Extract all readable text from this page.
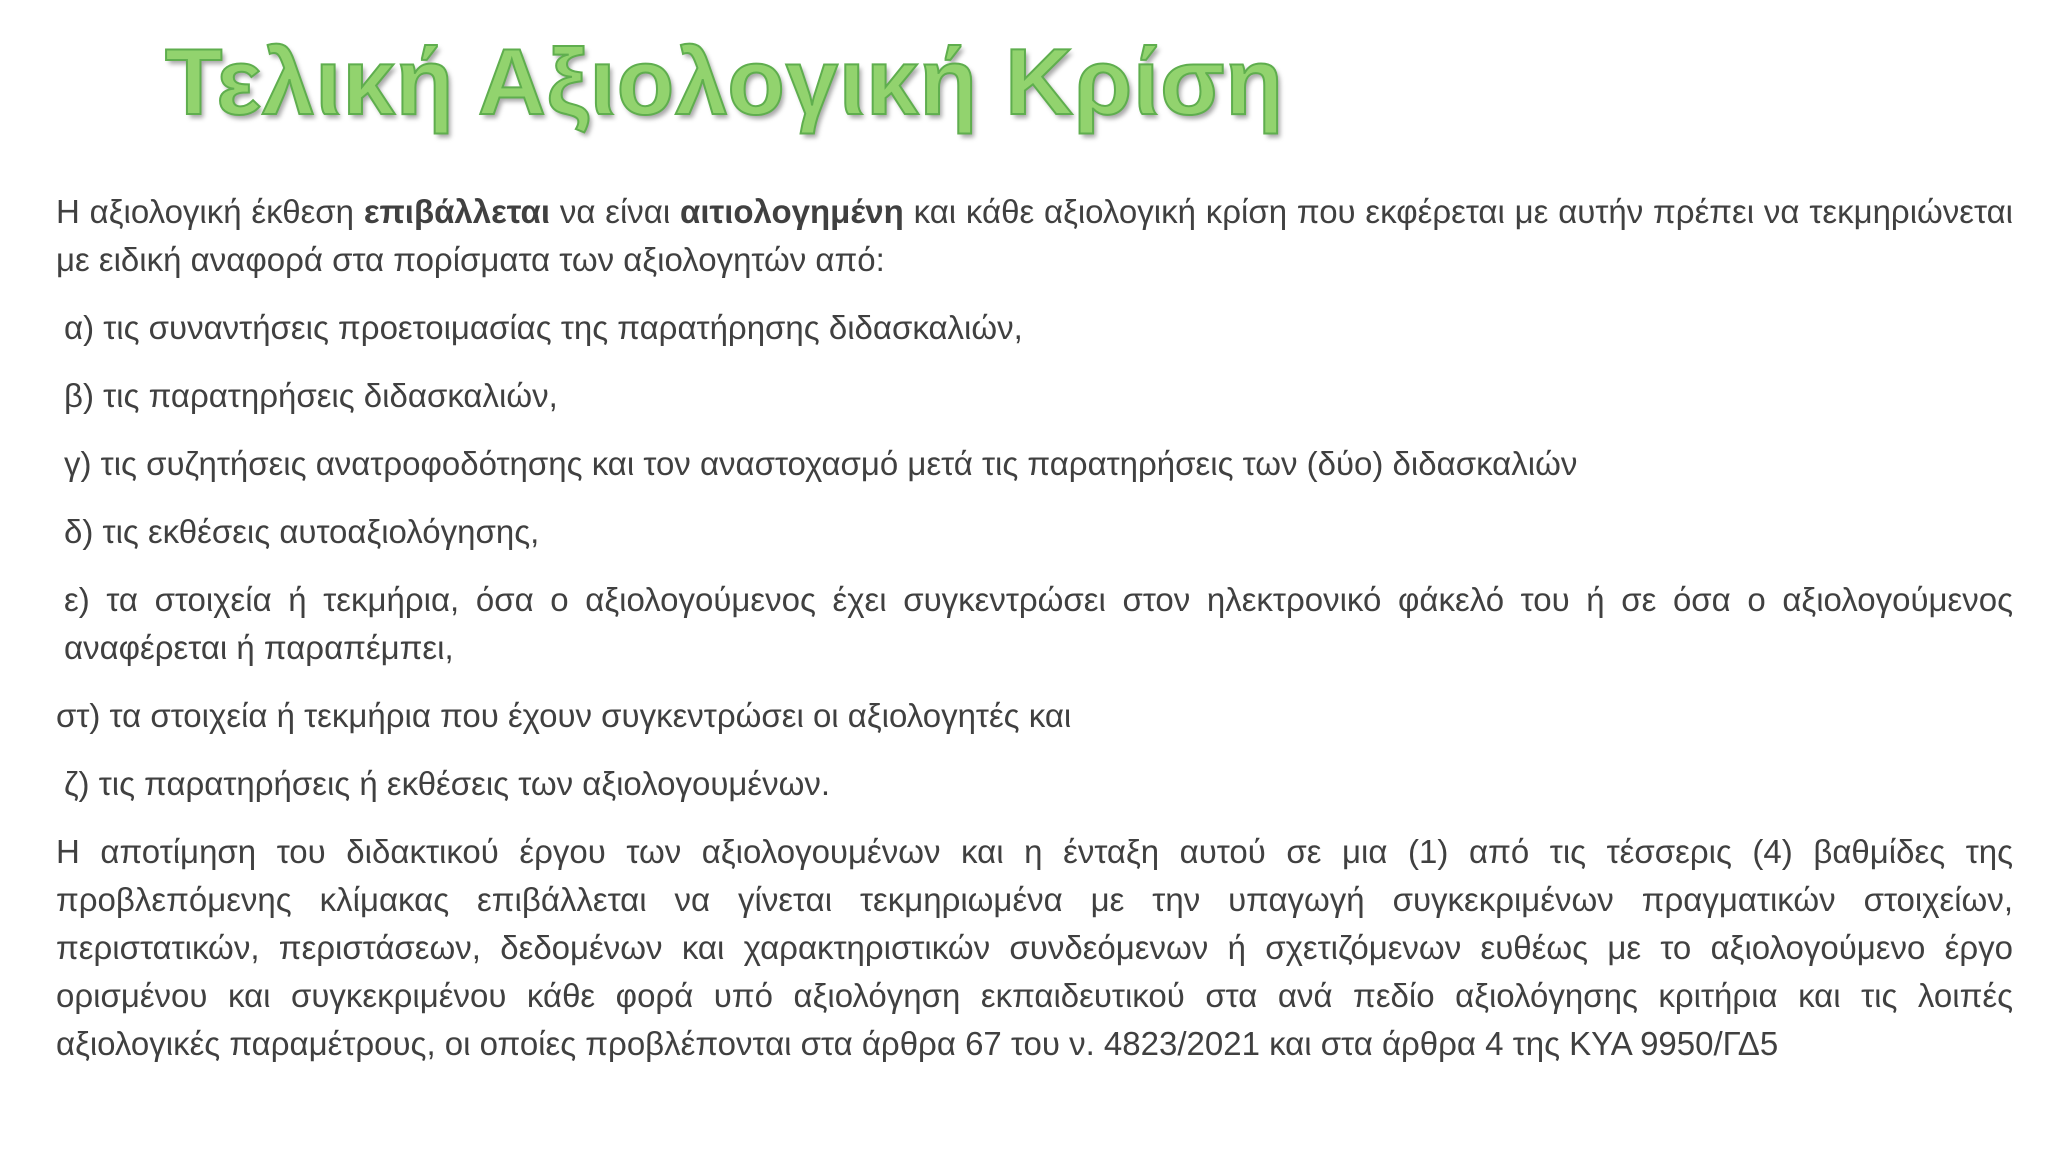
Τελική Αξιολογική Κρίση

Η αξιολογική έκθεση επιβάλλεται να είναι αιτιολογημένη και κάθε αξιολογική κρίση που εκφέρεται με αυτήν πρέπει να τεκμηριώνεται με ειδική αναφορά στα πορίσματα των αξιολογητών από:

α) τις συναντήσεις προετοιμασίας της παρατήρησης διδασκαλιών,

β) τις παρατηρήσεις διδασκαλιών,

γ) τις συζητήσεις ανατροφοδότησης και τον αναστοχασμό μετά τις παρατηρήσεις των (δύο) διδασκαλιών

δ) τις εκθέσεις αυτοαξιολόγησης,

ε) τα στοιχεία ή τεκμήρια, όσα ο αξιολογούμενος έχει συγκεντρώσει στον ηλεκτρονικό φάκελό του ή σε όσα ο αξιολογούμενος αναφέρεται ή παραπέμπει,

στ) τα στοιχεία ή τεκμήρια που έχουν συγκεντρώσει οι αξιολογητές και

ζ) τις παρατηρήσεις ή εκθέσεις των αξιολογουμένων.

Η αποτίμηση του διδακτικού έργου των αξιολογουμένων και η ένταξη αυτού σε μια (1) από τις τέσσερις (4) βαθμίδες της προβλεπόμενης κλίμακας επιβάλλεται να γίνεται τεκμηριωμένα με την υπαγωγή συγκεκριμένων πραγματικών στοιχείων, περιστατικών, περιστάσεων, δεδομένων και χαρακτηριστικών συνδεόμενων ή σχετιζόμενων ευθέως με το αξιολογούμενο έργο ορισμένου και συγκεκριμένου κάθε φορά υπό αξιολόγηση εκπαιδευτικού στα ανά πεδίο αξιολόγησης κριτήρια και τις λοιπές αξιολογικές παραμέτρους, οι οποίες προβλέπονται στα άρθρα 67 του ν. 4823/2021 και στα άρθρα 4 της ΚΥΑ 9950/ΓΔ5
